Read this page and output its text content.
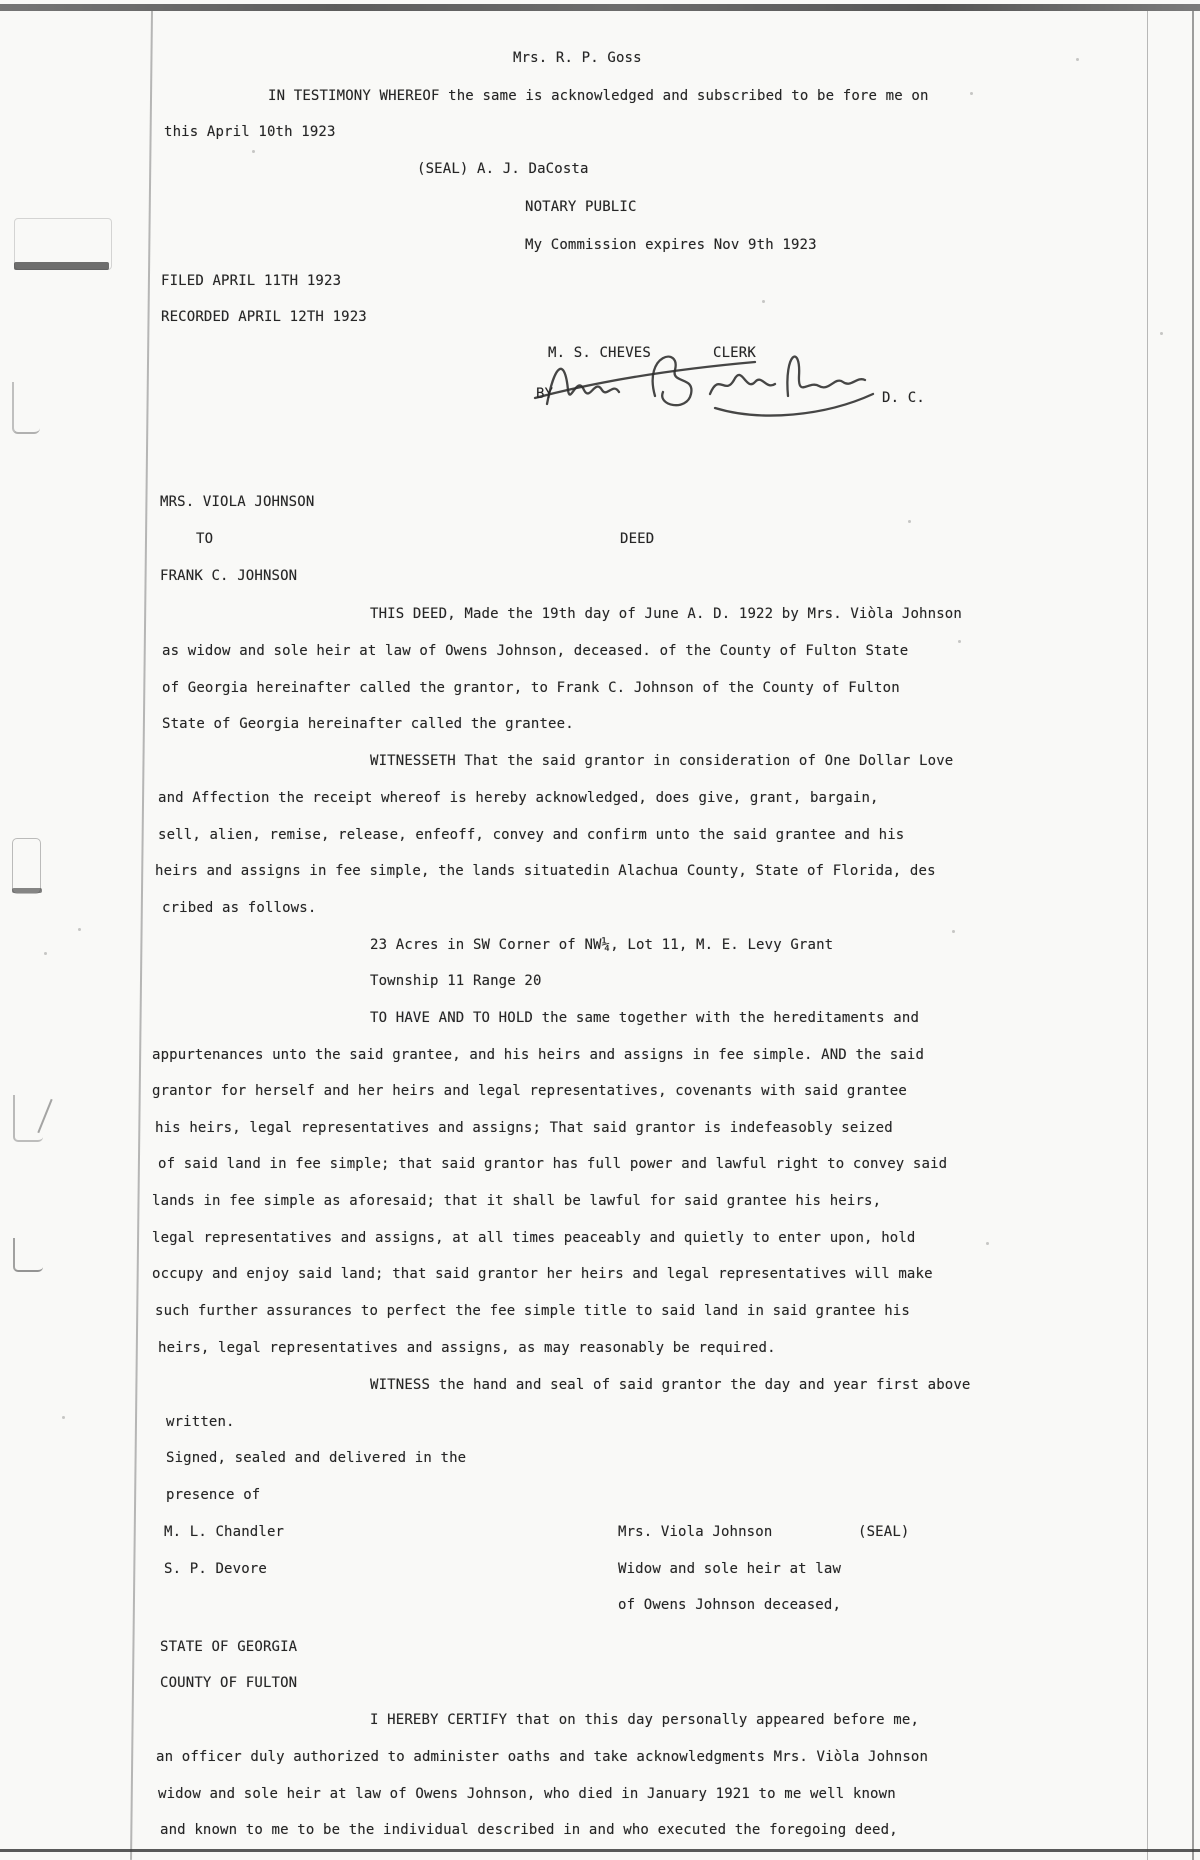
Mrs. R. P. Goss
IN TESTIMONY WHEREOF the same is acknowledged and subscribed to be fore me on
this April 10th 1923
(SEAL) A. J. DaCosta
NOTARY PUBLIC
My Commission expires Nov 9th 1923
FILED APRIL 11TH 1923
RECORDED APRIL 12TH 1923
M. S. CHEVES	CLERK
BY	D. C.
MRS. VIOLA JOHNSON
TO	DEED
FRANK C. JOHNSON
THIS DEED, Made the 19th day of June A. D. 1922 by Mrs. Viòla Johnson
as widow and sole heir at law of Owens Johnson, deceased. of the County of Fulton State
of Georgia hereinafter called the grantor, to Frank C. Johnson of the County of Fulton
State of Georgia hereinafter called the grantee.
WITNESSETH That the said grantor in consideration of One Dollar Love
and Affection the receipt whereof is hereby acknowledged, does give, grant, bargain,
sell, alien, remise, release, enfeoff, convey and confirm unto the said grantee and his
heirs and assigns in fee simple, the lands situatedin Alachua County, State of Florida, des
cribed as follows.
23 Acres in SW Corner of NW¼, Lot 11, M. E. Levy Grant
Township 11 Range 20
TO HAVE AND TO HOLD the same together with the hereditaments and
appurtenances unto the said grantee, and his heirs and assigns in fee simple. AND the said
grantor for herself and her heirs and legal representatives, covenants with said grantee
his heirs, legal representatives and assigns; That said grantor is indefeasobly seized
of said land in fee simple; that said grantor has full power and lawful right to convey said
lands in fee simple as aforesaid; that it shall be lawful for said grantee his heirs,
legal representatives and assigns, at all times peaceably and quietly to enter upon, hold
occupy and enjoy said land; that said grantor her heirs and legal representatives will make
such further assurances to perfect the fee simple title to said land in said grantee his
heirs, legal representatives and assigns, as may reasonably be required.
WITNESS the hand and seal of said grantor the day and year first above
written.
Signed, sealed and delivered in the
presence of
M. L. Chandler	Mrs. Viola Johnson	(SEAL)
S. P. Devore	Widow and sole heir at law
of Owens Johnson deceased,
STATE OF GEORGIA
COUNTY OF FULTON
I HEREBY CERTIFY that on this day personally appeared before me,
an officer duly authorized to administer oaths and take acknowledgments Mrs. Viòla Johnson
widow and sole heir at law of Owens Johnson, who died in January 1921 to me well known
and known to me to be the individual described in and who executed the foregoing deed,
